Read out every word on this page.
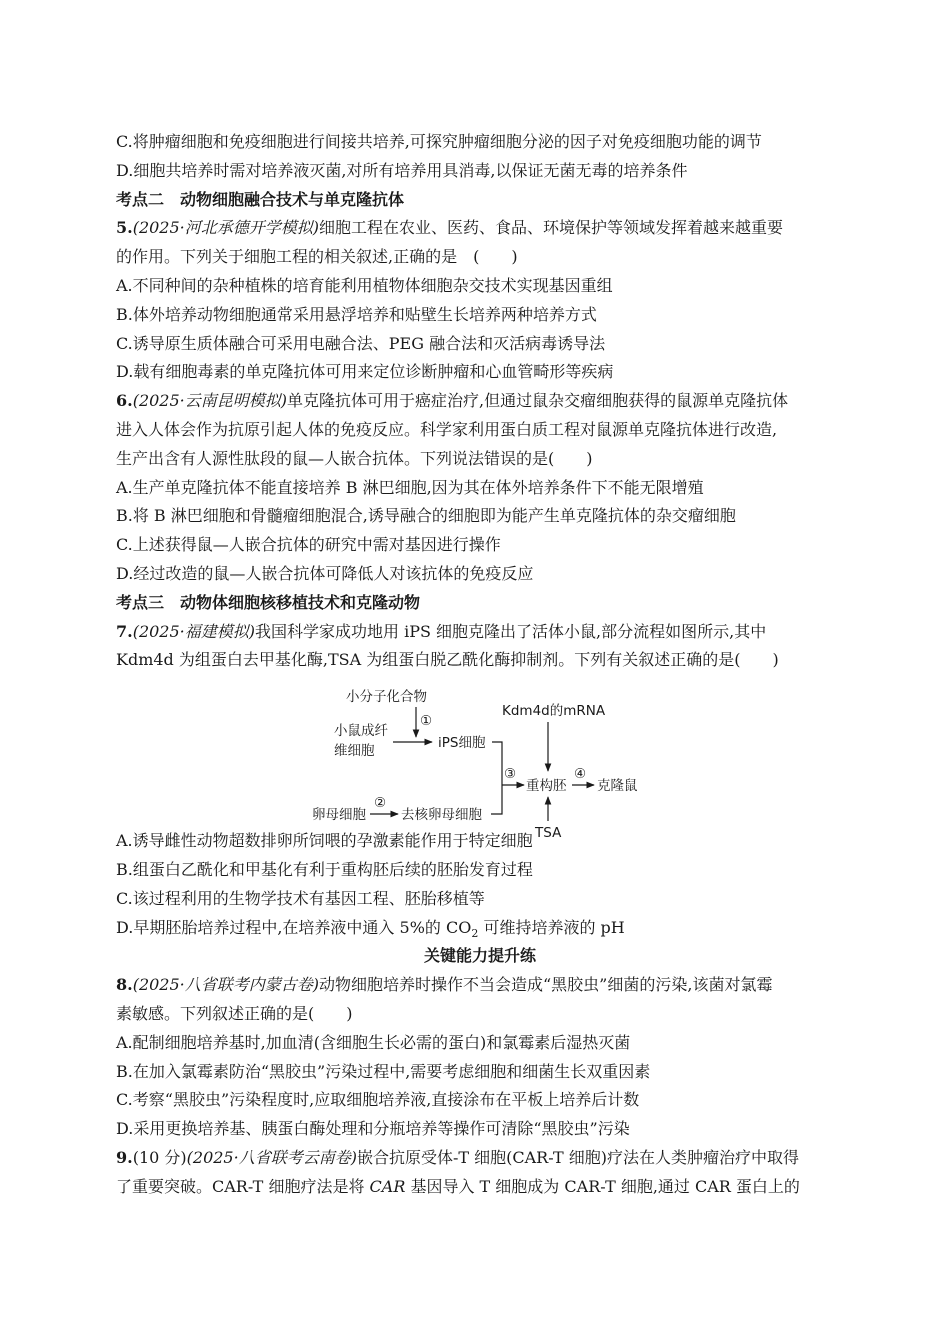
C.将肿瘤细胞和免疫细胞进行间接共培养,可探究肿瘤细胞分泌的因子对免疫细胞功能的调节
D.细胞共培养时需对培养液灭菌,对所有培养用具消毒,以保证无菌无毒的培养条件
考点二　动物细胞融合技术与单克隆抗体
5.(2025·河北承德开学模拟)细胞工程在农业、医药、食品、环境保护等领域发挥着越来越重要
的作用。下列关于细胞工程的相关叙述,正确的是　(　　)
A.不同种间的杂种植株的培育能利用植物体细胞杂交技术实现基因重组
B.体外培养动物细胞通常采用悬浮培养和贴壁生长培养两种培养方式
C.诱导原生质体融合可采用电融合法、PEG 融合法和灭活病毒诱导法
D.载有细胞毒素的单克隆抗体可用来定位诊断肿瘤和心血管畸形等疾病
6.(2025·云南昆明模拟)单克隆抗体可用于癌症治疗,但通过鼠杂交瘤细胞获得的鼠源单克隆抗体
进入人体会作为抗原引起人体的免疫反应。科学家利用蛋白质工程对鼠源单克隆抗体进行改造,
生产出含有人源性肽段的鼠—人嵌合抗体。下列说法错误的是(　　)
A.生产单克隆抗体不能直接培养 B 淋巴细胞,因为其在体外培养条件下不能无限增殖
B.将 B 淋巴细胞和骨髓瘤细胞混合,诱导融合的细胞即为能产生单克隆抗体的杂交瘤细胞
C.上述获得鼠—人嵌合抗体的研究中需对基因进行操作
D.经过改造的鼠—人嵌合抗体可降低人对该抗体的免疫反应
考点三　动物体细胞核移植技术和克隆动物
7.(2025·福建模拟)我国科学家成功地用 iPS 细胞克隆出了活体小鼠,部分流程如图所示,其中
Kdm4d 为组蛋白去甲基化酶,TSA 为组蛋白脱乙酰化酶抑制剂。下列有关叙述正确的是(　　)
小分子化合物
①
小鼠成纤
维细胞	iPS细胞
卵母细胞
②
去核卵母细胞
③
Kdm4d的mRNA
重构胚
④
克隆鼠
TSA
A.诱导雌性动物超数排卵所饲喂的孕激素能作用于特定细胞
B.组蛋白乙酰化和甲基化有利于重构胚后续的胚胎发育过程
C.该过程利用的生物学技术有基因工程、胚胎移植等
D.早期胚胎培养过程中,在培养液中通入 5%的 $CO_2$ 可维持培养液的 pH
关键能力提升练
8.(2025·八省联考内蒙古卷)动物细胞培养时操作不当会造成“黑胶虫”细菌的污染,该菌对氯霉
素敏感。下列叙述正确的是(　　)
A.配制细胞培养基时,加血清(含细胞生长必需的蛋白)和氯霉素后湿热灭菌
B.在加入氯霉素防治“黑胶虫”污染过程中,需要考虑细胞和细菌生长双重因素
C.考察“黑胶虫”污染程度时,应取细胞培养液,直接涂布在平板上培养后计数
D.采用更换培养基、胰蛋白酶处理和分瓶培养等操作可清除“黑胶虫”污染
9.(10 分)(2025·八省联考云南卷)嵌合抗原受体-T 细胞(CAR-T 细胞)疗法在人类肿瘤治疗中取得
了重要突破。CAR-T 细胞疗法是将 CAR 基因导入 T 细胞成为 CAR-T 细胞,通过 CAR 蛋白上的
